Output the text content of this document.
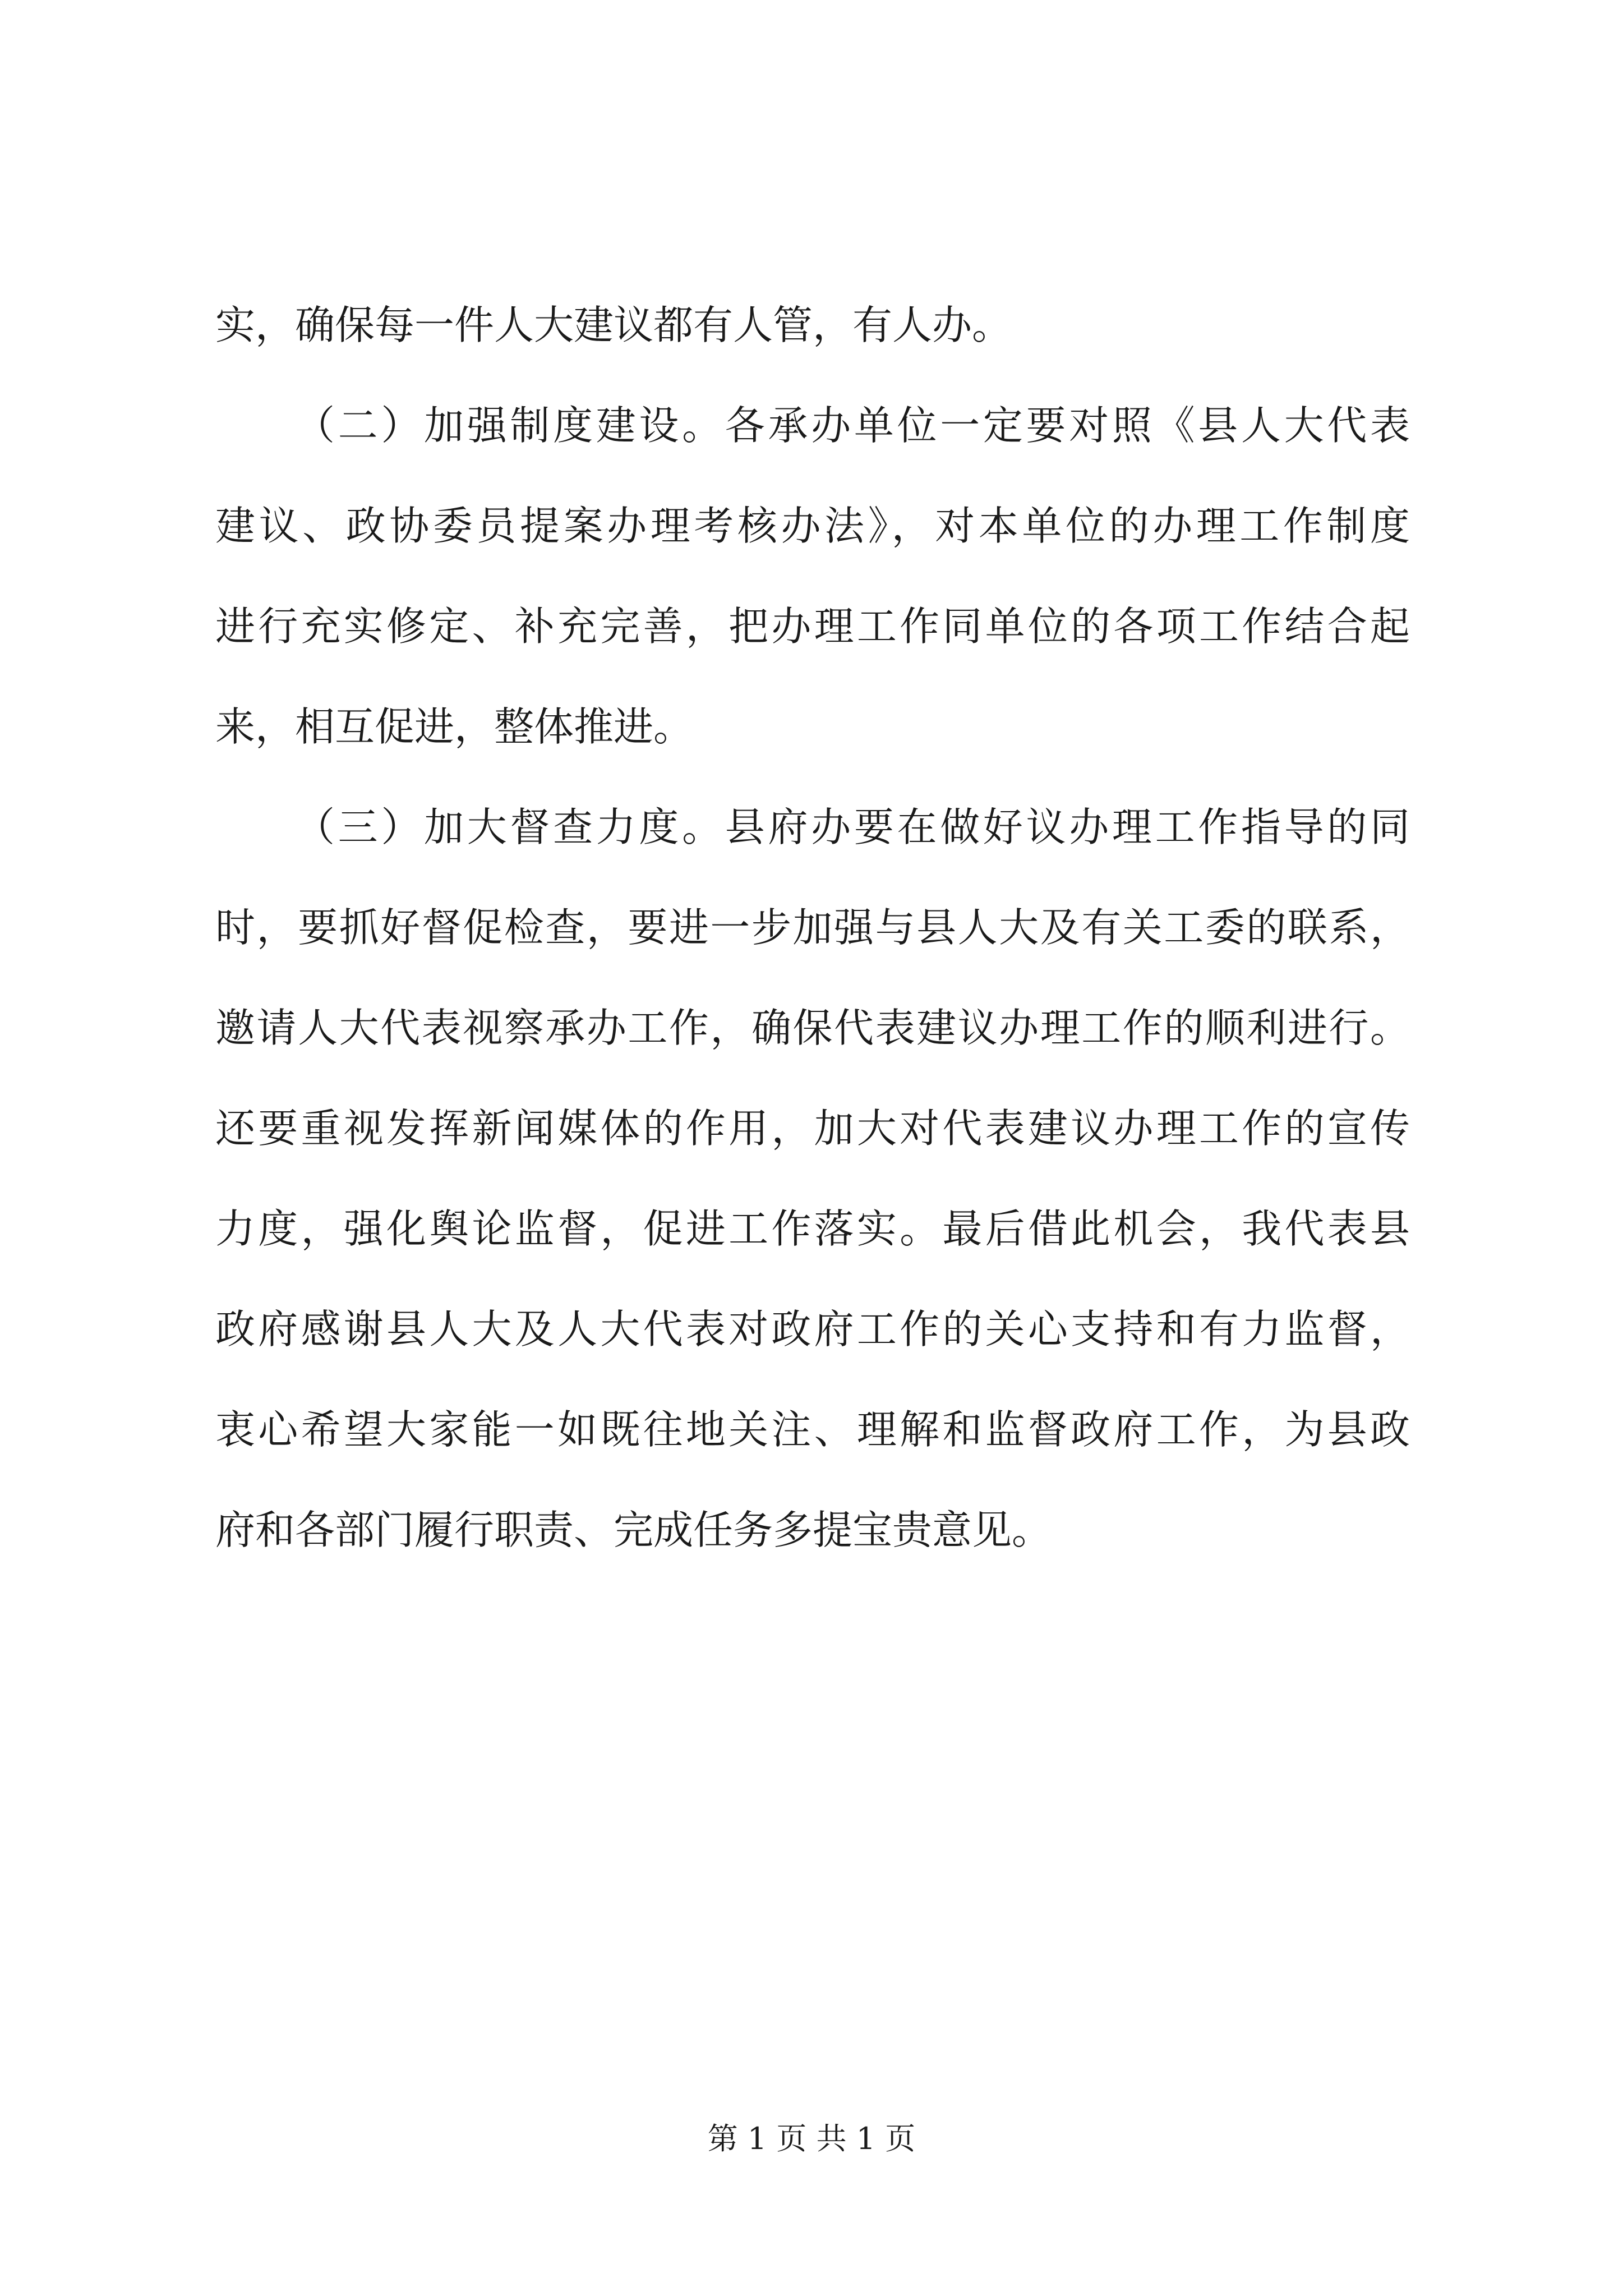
实，确保每一件人大建议都有人管，有人办。
（二）加强制度建设。各承办单位一定要对照《县人大代表
建议、政协委员提案办理考核办法》，对本单位的办理工作制度
进行充实修定、补充完善，把办理工作同单位的各项工作结合起
来，相互促进，整体推进。
（三）加大督查力度。县府办要在做好议办理工作指导的同
时，要抓好督促检查，要进一步加强与县人大及有关工委的联系，
邀请人大代表视察承办工作，确保代表建议办理工作的顺利进行。
还要重视发挥新闻媒体的作用，加大对代表建议办理工作的宣传
力度，强化舆论监督，促进工作落实。最后借此机会，我代表县
政府感谢县人大及人大代表对政府工作的关心支持和有力监督，
衷心希望大家能一如既往地关注、理解和监督政府工作，为县政
府和各部门履行职责、完成任务多提宝贵意见。
第 1 页 共 1 页
